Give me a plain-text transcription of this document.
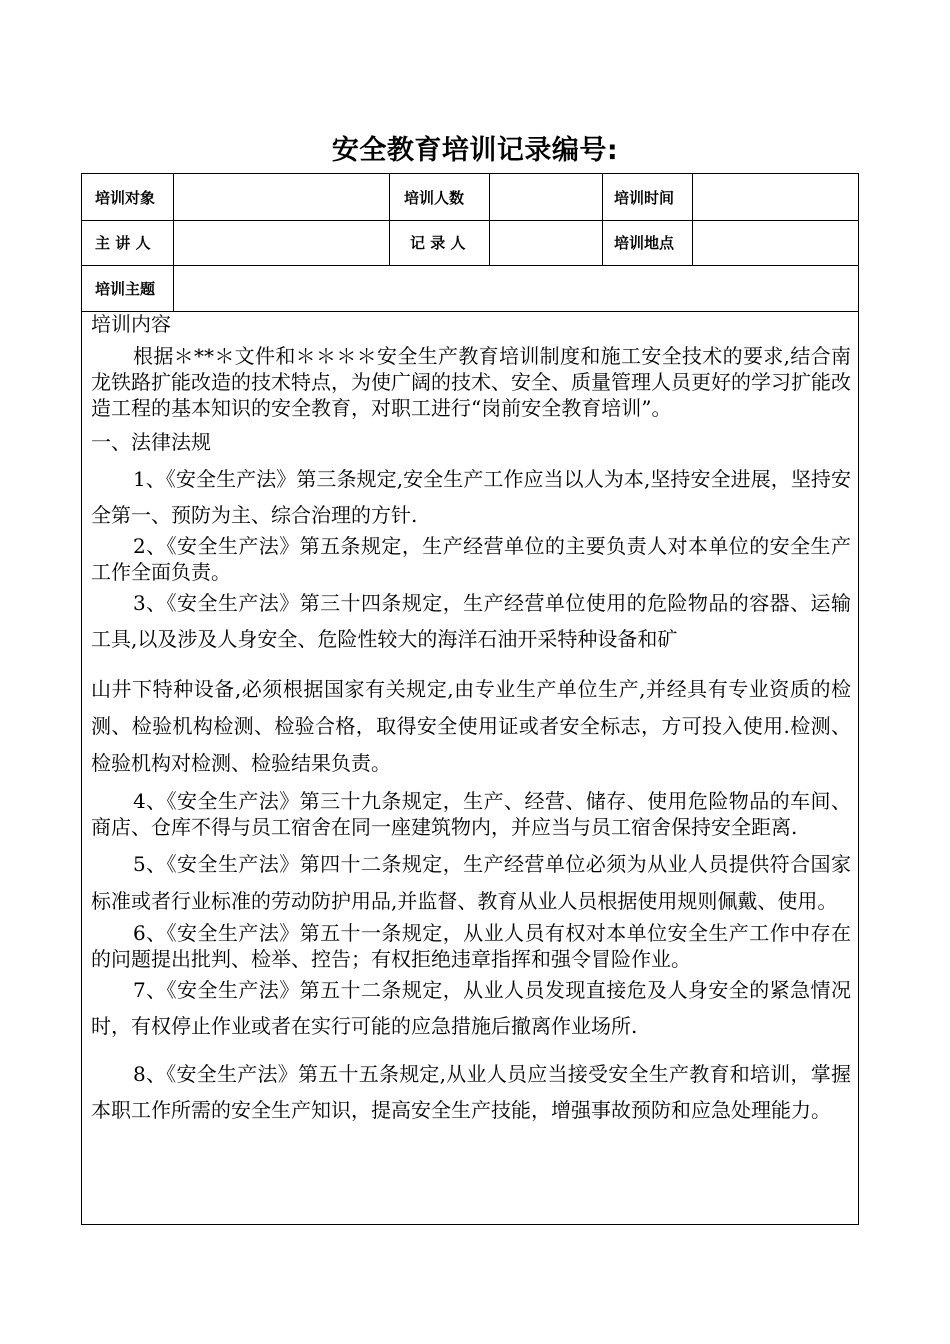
安全教育培训记录编号:
培训对象	培训人数	培训时间
主 讲 人	记 录 人	培训地点
培训主题

培训内容

根据＊**＊文件和＊＊＊＊安全生产教育培训制度和施工安全技术的要求,结合南龙铁路扩能改造的技术特点，为使广阔的技术、安全、质量管理人员更好的学习扩能改造工程的基本知识的安全教育，对职工进行“岗前安全教育培训”。

一、法律法规

1、《安全生产法》第三条规定,安全生产工作应当以人为本,坚持安全进展，坚持安全第一、预防为主、综合治理的方针.

2、《安全生产法》第五条规定，生产经营单位的主要负责人对本单位的安全生产工作全面负责。

3、《安全生产法》第三十四条规定，生产经营单位使用的危险物品的容器、运输工具,以及涉及人身安全、危险性较大的海洋石油开采特种设备和矿

山井下特种设备,必须根据国家有关规定,由专业生产单位生产,并经具有专业资质的检测、检验机构检测、检验合格，取得安全使用证或者安全标志，方可投入使用.检测、检验机构对检测、检验结果负责。

4、《安全生产法》第三十九条规定，生产、经营、储存、使用危险物品的车间、商店、仓库不得与员工宿舍在同一座建筑物内，并应当与员工宿舍保持安全距离.

5、《安全生产法》第四十二条规定，生产经营单位必须为从业人员提供符合国家标准或者行业标准的劳动防护用品,并监督、教育从业人员根据使用规则佩戴、使用。

6、《安全生产法》第五十一条规定，从业人员有权对本单位安全生产工作中存在的问题提出批判、检举、控告；有权拒绝违章指挥和强令冒险作业。

7、《安全生产法》第五十二条规定，从业人员发现直接危及人身安全的紧急情况时，有权停止作业或者在实行可能的应急措施后撤离作业场所.

8、《安全生产法》第五十五条规定,从业人员应当接受安全生产教育和培训，掌握本职工作所需的安全生产知识，提高安全生产技能，增强事故预防和应急处理能力。
